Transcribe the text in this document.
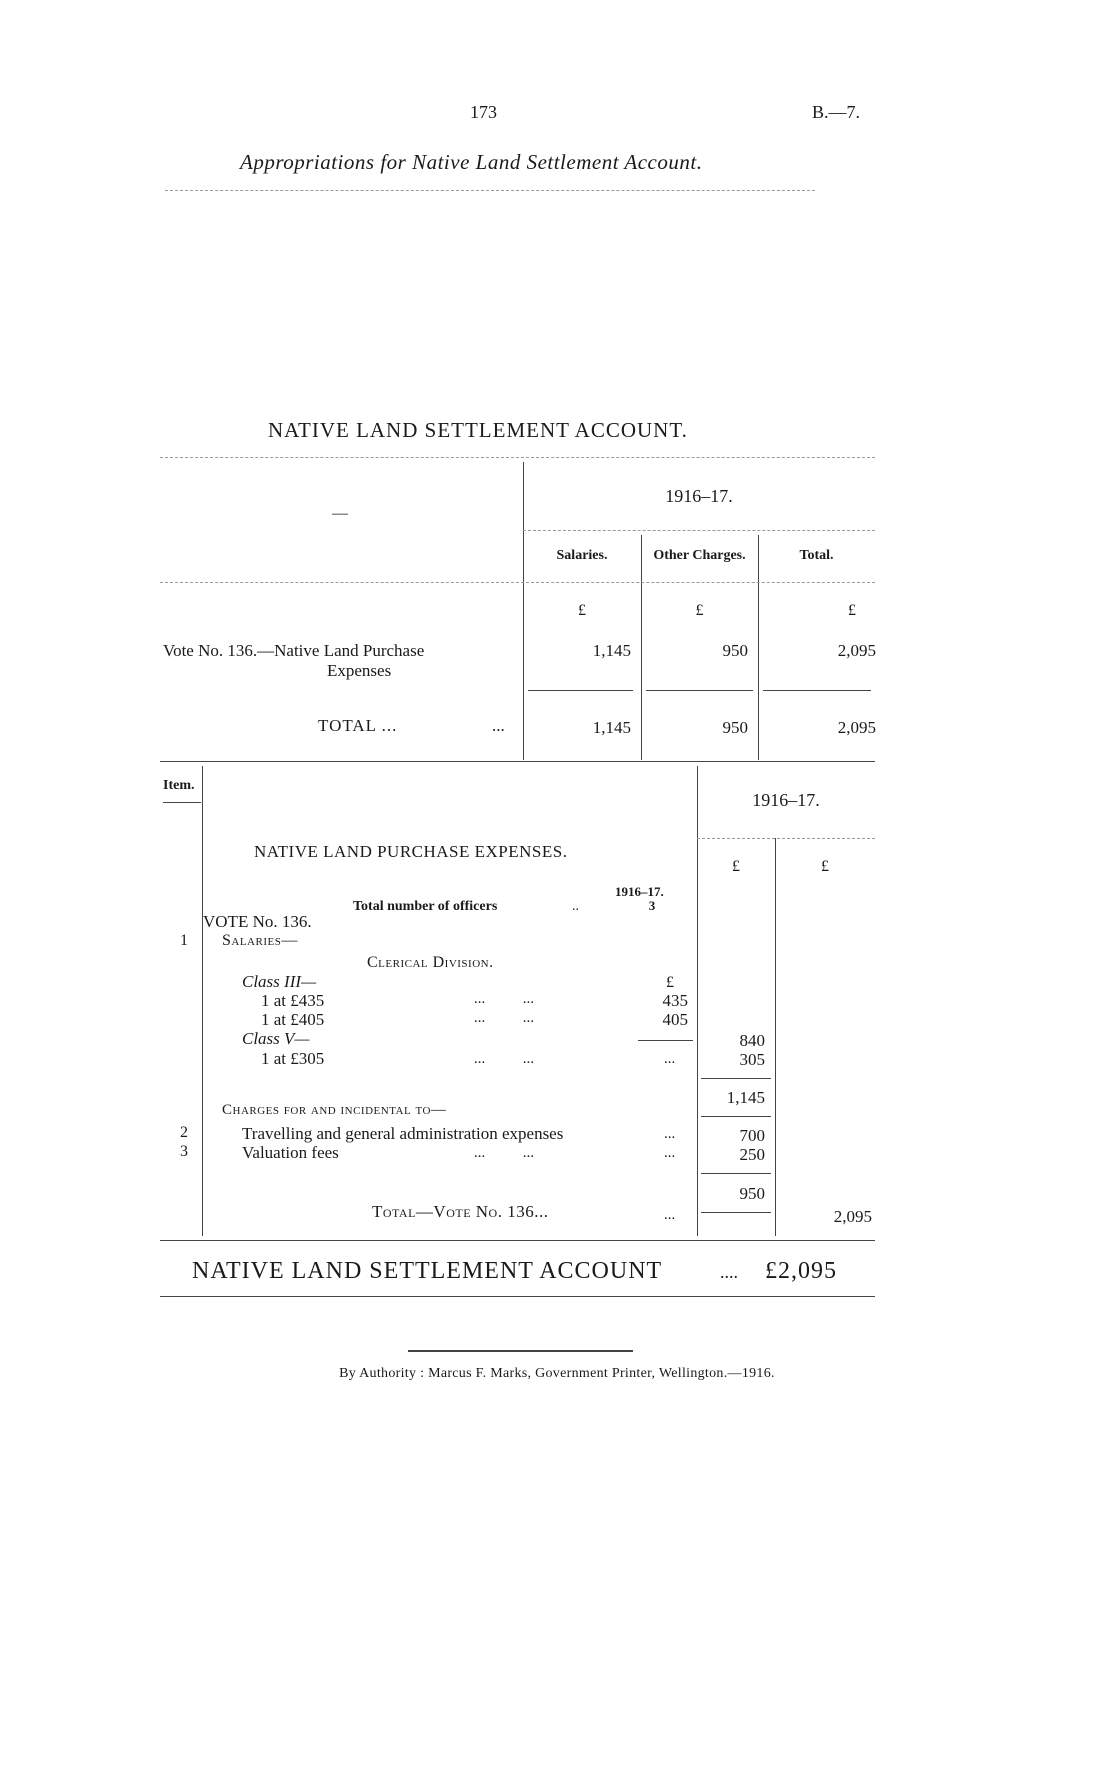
173	B.—7.
Appropriations for Native Land Settlement Account.
NATIVE LAND SETTLEMENT ACCOUNT.
—
1916–17.
Salaries.	Other Charges.	Total.
£	£	£
Vote No. 136.—Native Land Purchase
Expenses
1,145	950	2,095
TOTAL ...	...	1,145	950	2,095
Item.
1916–17.
£	£
NATIVE LAND PURCHASE EXPENSES.
1916–17.
Total number of officers	..	3
VOTE No. 136.
1	Salaries—
Clerical Division.
Class III—	£
1 at £435	...          ...	435
1 at £405	...          ...	405
Class V—	840
1 at £305	...          ...	...	305
1,145
Charges for and incidental to—
2	Travelling and general administration expenses	...	700
3	Valuation fees	...          ...	...	250
950
Total—Vote No. 136...	...	2,095
NATIVE LAND SETTLEMENT ACCOUNT	.... £2,095
By Authority : Marcus F. Marks, Government Printer, Wellington.—1916.
